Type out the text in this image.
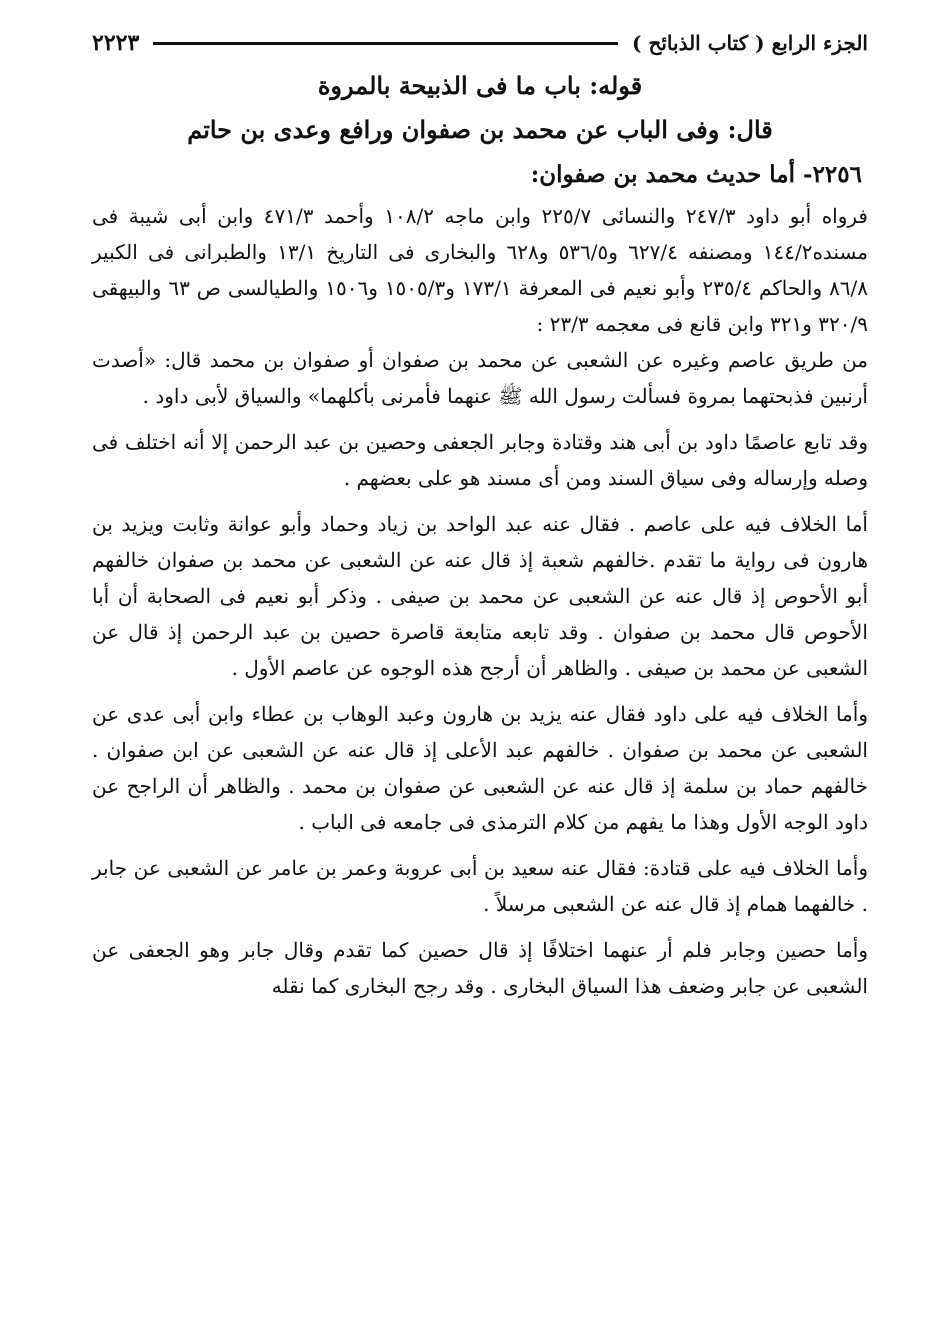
الجزء الرابع ( كتاب الذبائح )
٢٢٢٣
قوله: باب ما فى الذبيحة بالمروة
قال: وفى الباب عن محمد بن صفوان ورافع وعدى بن حاتم
٢٢٥٦- أما حديث محمد بن صفوان:

فرواه أبو داود ٢٤٧/٣ والنسائى ٢٢٥/٧ وابن ماجه ١٠٨/٢ وأحمد ٤٧١/٣ وابن أبى شيبة فى مسنده١٤٤/٢ ومصنفه ٦٢٧/٤ و٥٣٦/٥ و٦٢٨ والبخارى فى التاريخ ١٣/١ والطبرانى فى الكبير ٨٦/٨ والحاكم ٢٣٥/٤ وأبو نعيم فى المعرفة ١٧٣/١ و١٥٠٥/٣ و١٥٠٦ والطيالسى ص ٦٣ والبيهقى ٣٢٠/٩ و٣٢١ وابن قانع فى معجمه ٢٣/٣ :

من طريق عاصم وغيره عن الشعبى عن محمد بن صفوان أو صفوان بن محمد قال: «أصدت أرنبين فذبحتهما بمروة فسألت رسول الله ﷺ عنهما فأمرنى بأكلهما» والسياق لأبى داود .

وقد تابع عاصمًا داود بن أبى هند وقتادة وجابر الجعفى وحصين بن عبد الرحمن إلا أنه اختلف فى وصله وإرساله وفى سياق السند ومن أى مسند هو على بعضهم .

أما الخلاف فيه على عاصم . فقال عنه عبد الواحد بن زياد وحماد وأبو عوانة وثابت ويزيد بن هارون فى رواية ما تقدم .خالفهم شعبة إذ قال عنه عن الشعبى عن محمد بن صفوان خالفهم أبو الأحوص إذ قال عنه عن الشعبى عن محمد بن صيفى . وذكر أبو نعيم فى الصحابة أن أبا الأحوص قال محمد بن صفوان . وقد تابعه متابعة قاصرة حصين بن عبد الرحمن إذ قال عن الشعبى عن محمد بن صيفى . والظاهر أن أرجح هذه الوجوه عن عاصم الأول .

وأما الخلاف فيه على داود فقال عنه يزيد بن هارون وعبد الوهاب بن عطاء وابن أبى عدى عن الشعبى عن محمد بن صفوان . خالفهم عبد الأعلى إذ قال عنه عن الشعبى عن ابن صفوان . خالفهم حماد بن سلمة إذ قال عنه عن الشعبى عن صفوان بن محمد . والظاهر أن الراجح عن داود الوجه الأول وهذا ما يفهم من كلام الترمذى فى جامعه فى الباب .

وأما الخلاف فيه على قتادة: فقال عنه سعيد بن أبى عروبة وعمر بن عامر عن الشعبى عن جابر . خالفهما همام إذ قال عنه عن الشعبى مرسلاً .

وأما حصين وجابر فلم أر عنهما اختلافًا إذ قال حصين كما تقدم وقال جابر وهو الجعفى عن الشعبى عن جابر وضعف هذا السياق البخارى . وقد رجح البخارى كما نقله
